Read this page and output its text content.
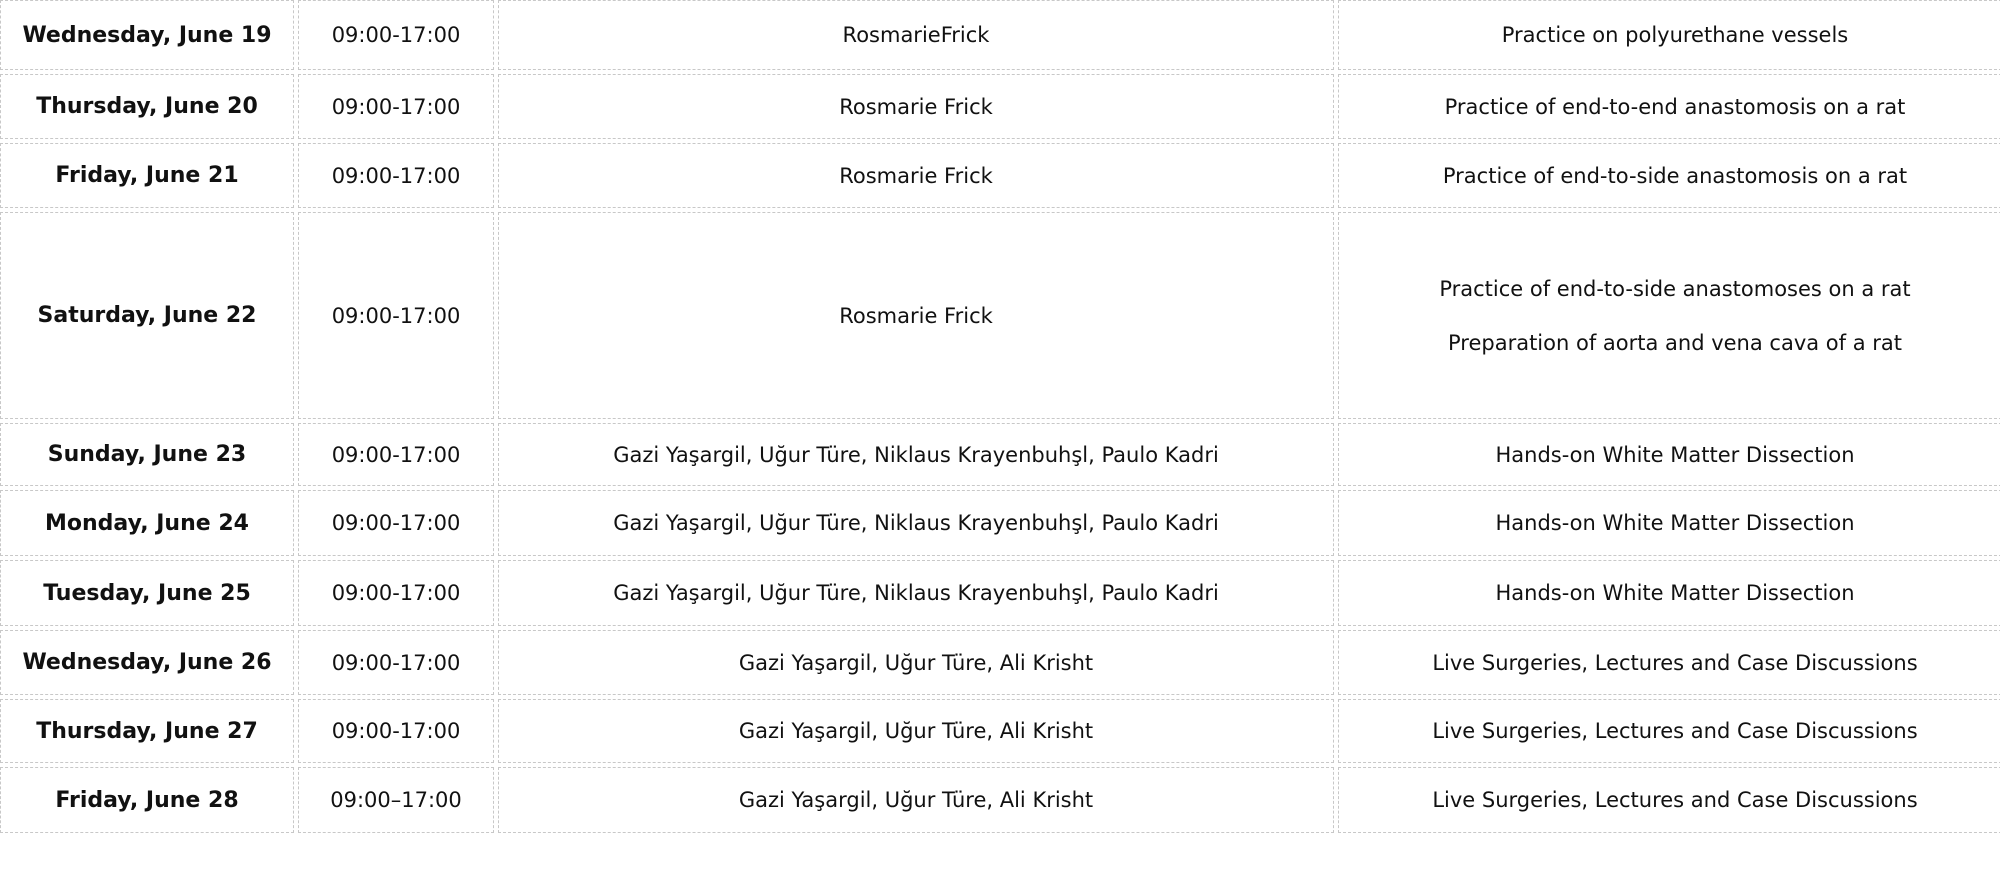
Wednesday, June 19	09:00-17:00	RosmarieFrick	Practice on polyurethane vessels

Thursday, June 20	09:00-17:00	Rosmarie Frick	Practice of end-to-end anastomosis on a rat

Friday, June 21	09:00-17:00	Rosmarie Frick	Practice of end-to-side anastomosis on a rat

Saturday, June 22	09:00-17:00	Rosmarie Frick	Practice of end-to-side anastomoses on a rat
Preparation of aorta and vena cava of a rat

Sunday, June 23	09:00-17:00	Gazi Yaşargil, Uğur Türe, Niklaus Krayenbuhşl, Paulo Kadri	Hands-on White Matter Dissection

Monday, June 24	09:00-17:00	Gazi Yaşargil, Uğur Türe, Niklaus Krayenbuhşl, Paulo Kadri	Hands-on White Matter Dissection

Tuesday, June 25	09:00-17:00	Gazi Yaşargil, Uğur Türe, Niklaus Krayenbuhşl, Paulo Kadri	Hands-on White Matter Dissection

Wednesday, June 26	09:00-17:00	Gazi Yaşargil, Uğur Türe, Ali Krisht	Live Surgeries, Lectures and Case Discussions

Thursday, June 27	09:00-17:00	Gazi Yaşargil, Uğur Türe, Ali Krisht	Live Surgeries, Lectures and Case Discussions

Friday, June 28	09:00–17:00	Gazi Yaşargil, Uğur Türe, Ali Krisht	Live Surgeries, Lectures and Case Discussions
